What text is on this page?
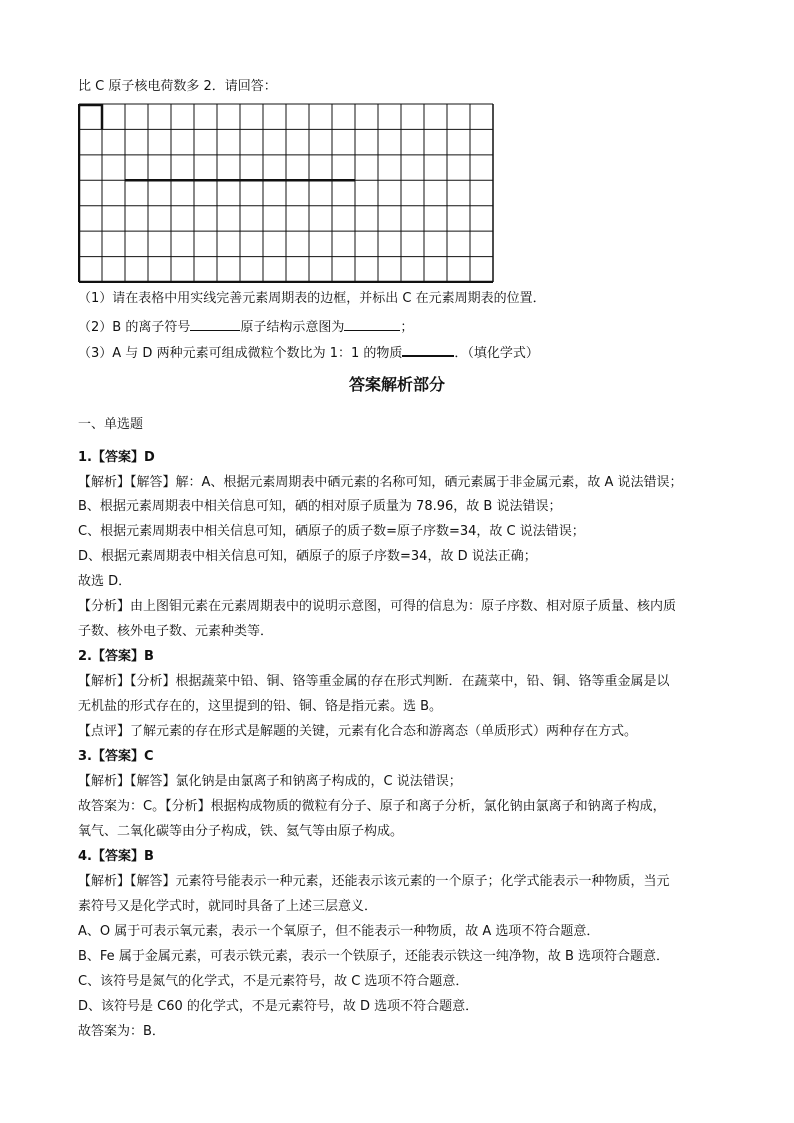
比 C 原子核电荷数多 2．请回答：
（1）请在表格中用实线完善元素周期表的边框，并标出 C 在元素周期表的位置．
（2）B 的离子符号	原子结构示意图为	；
（3）A 与 D 两种元素可组成微粒个数比为 1：1 的物质	．（填化学式）
答案解析部分
一、单选题
1.【答案】D
【解析】【解答】解：A、根据元素周期表中硒元素的名称可知，硒元素属于非金属元素，故 A 说法错误；
B、根据元素周期表中相关信息可知，硒的相对原子质量为 78.96，故 B 说法错误；
C、根据元素周期表中相关信息可知，硒原子的质子数=原子序数=34，故 C 说法错误；
D、根据元素周期表中相关信息可知，硒原子的原子序数=34，故 D 说法正确；
故选 D．
【分析】由上图钼元素在元素周期表中的说明示意图，可得的信息为：原子序数、相对原子质量、核内质
子数、核外电子数、元素种类等．
2.【答案】B
【解析】【分析】根据蔬菜中铅、铜、铬等重金属的存在形式判断．在蔬菜中，铅、铜、铬等重金属是以
无机盐的形式存在的，这里提到的铅、铜、铬是指元素。选 B。
【点评】了解元素的存在形式是解题的关键，元素有化合态和游离态（单质形式）两种存在方式。
3.【答案】C
【解析】【解答】氯化钠是由氯离子和钠离子构成的，C 说法错误；
故答案为：C。【分析】根据构成物质的微粒有分子、原子和离子分析，氯化钠由氯离子和钠离子构成，
氧气、二氧化碳等由分子构成，铁、氦气等由原子构成。
4.【答案】B
【解析】【解答】元素符号能表示一种元素，还能表示该元素的一个原子；化学式能表示一种物质，当元
素符号又是化学式时，就同时具备了上述三层意义．
A、O 属于可表示氧元素，表示一个氧原子，但不能表示一种物质，故 A 选项不符合题意．
B、Fe 属于金属元素，可表示铁元素，表示一个铁原子，还能表示铁这一纯净物，故 B 选项符合题意．
C、该符号是氮气的化学式，不是元素符号，故 C 选项不符合题意．
D、该符号是 C60 的化学式，不是元素符号，故 D 选项不符合题意．
故答案为：B．
